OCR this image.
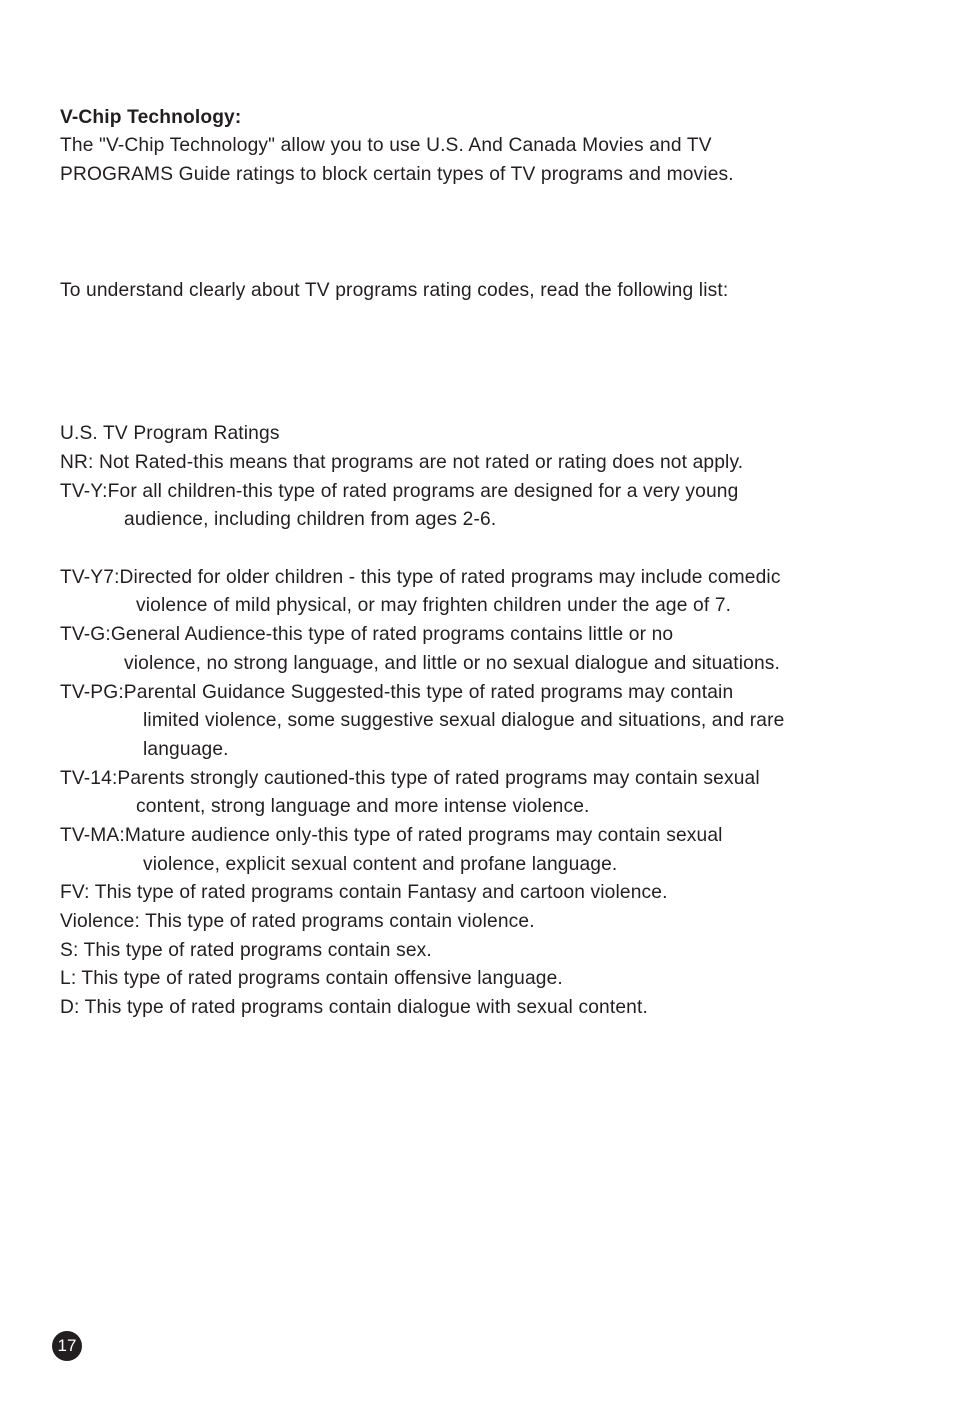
V-Chip Technology:
The "V-Chip Technology" allow you to use U.S. And Canada Movies and TV
PROGRAMS Guide ratings to block certain types of TV programs and movies.
To understand clearly about TV programs rating codes, read the following list:
U.S. TV Program Ratings
NR: Not Rated-this means that programs are not rated or rating does not apply.
TV-Y:For all children-this type of rated programs are designed for a very young
audience, including children from ages 2-6.
TV-Y7:Directed for older children - this type of rated programs may include comedic
violence of mild physical, or may frighten children under the age of 7.
TV-G:General Audience-this type of rated programs contains little or no
violence, no strong language, and little or no sexual dialogue and situations.
TV-PG:Parental Guidance Suggested-this type of rated programs may contain
limited violence, some suggestive sexual dialogue and situations, and rare
language.
TV-14:Parents strongly cautioned-this type of rated programs may contain sexual
content, strong language and more intense violence.
TV-MA:Mature audience only-this type of rated programs may contain sexual
violence, explicit sexual content and profane language.
FV: This type of rated programs contain Fantasy and cartoon violence.
Violence: This type of rated programs contain violence.
S: This type of rated programs contain sex.
L: This type of rated programs contain offensive language.
D: This type of rated programs contain dialogue with sexual content.
17
